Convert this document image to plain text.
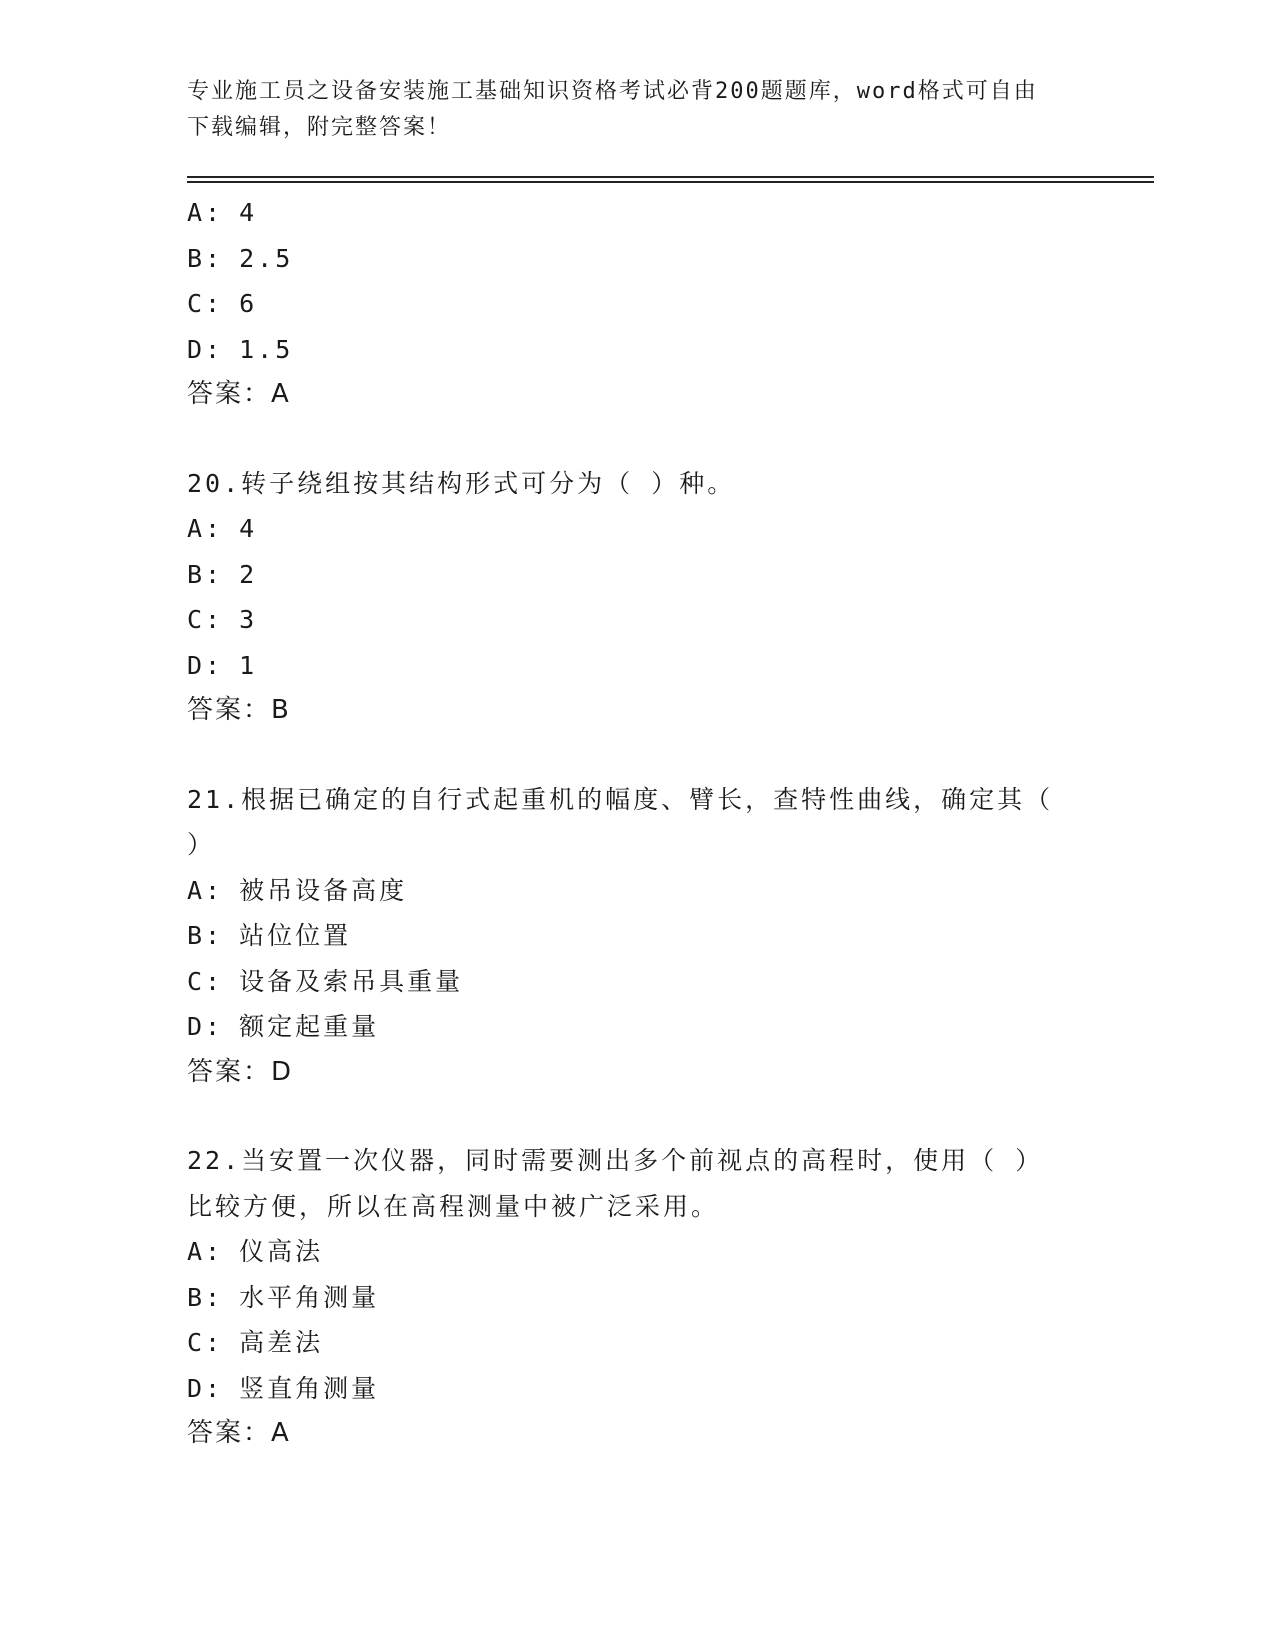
专业施工员之设备安装施工基础知识资格考试必背200题题库，word格式可自由
下载编辑，附完整答案！
A: 4
B: 2.5
C: 6
D: 1.5
答案：A
20.转子绕组按其结构形式可分为（ ）种。
A: 4
B: 2
C: 3
D: 1
答案：B
21.根据已确定的自行式起重机的幅度、臂长，查特性曲线，确定其（
）
A: 被吊设备高度
B: 站位位置
C: 设备及索吊具重量
D: 额定起重量
答案：D
22.当安置一次仪器，同时需要测出多个前视点的高程时，使用（ ）
比较方便，所以在高程测量中被广泛采用。
A: 仪高法
B: 水平角测量
C: 高差法
D: 竖直角测量
答案：A
